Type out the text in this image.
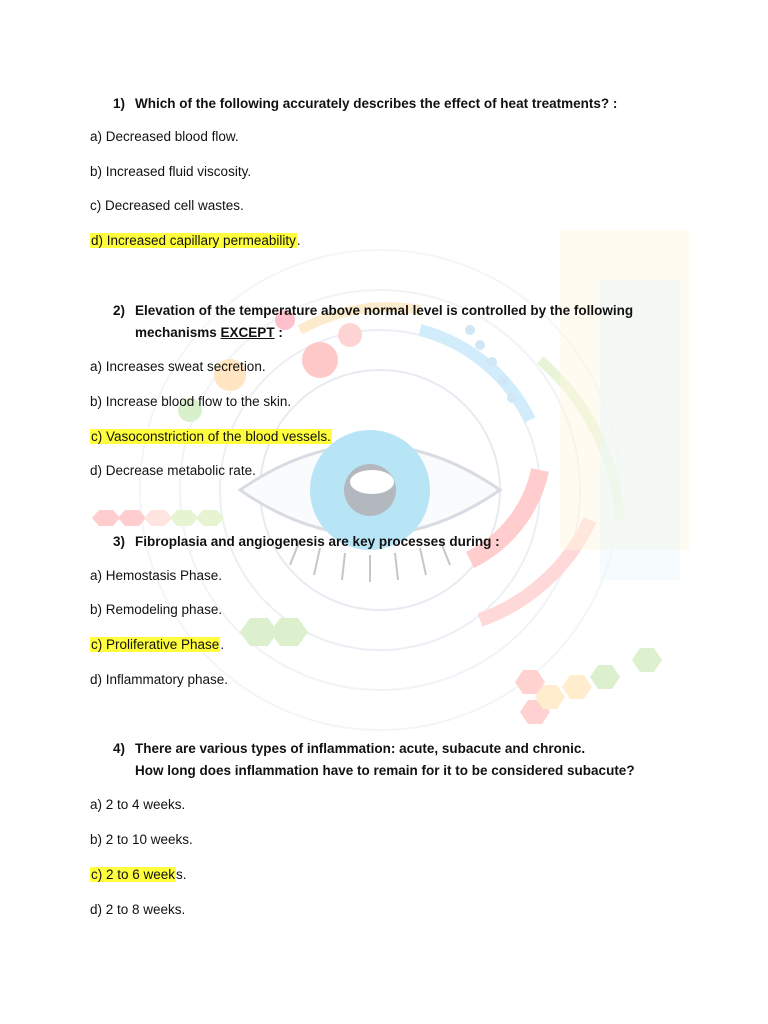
1) Which of the following accurately describes the effect of heat treatments? :
a) Decreased blood flow.
b) Increased fluid viscosity.
c) Decreased cell wastes.
d) Increased capillary permeability.
2) Elevation of the temperature above normal level is controlled by the following
mechanisms EXCEPT :
a) Increases sweat secretion.
b) Increase blood flow to the skin.
c) Vasoconstriction of the blood vessels.
d) Decrease metabolic rate.
3) Fibroplasia and angiogenesis are key processes during :
a) Hemostasis Phase.
b) Remodeling phase.
c) Proliferative Phase.
d) Inflammatory phase.
4) There are various types of inflammation: acute, subacute and chronic.
How long does inflammation have to remain for it to be considered subacute?
a) 2 to 4 weeks.
b) 2 to 10 weeks.
c) 2 to 6 weeks.
d) 2 to 8 weeks.
